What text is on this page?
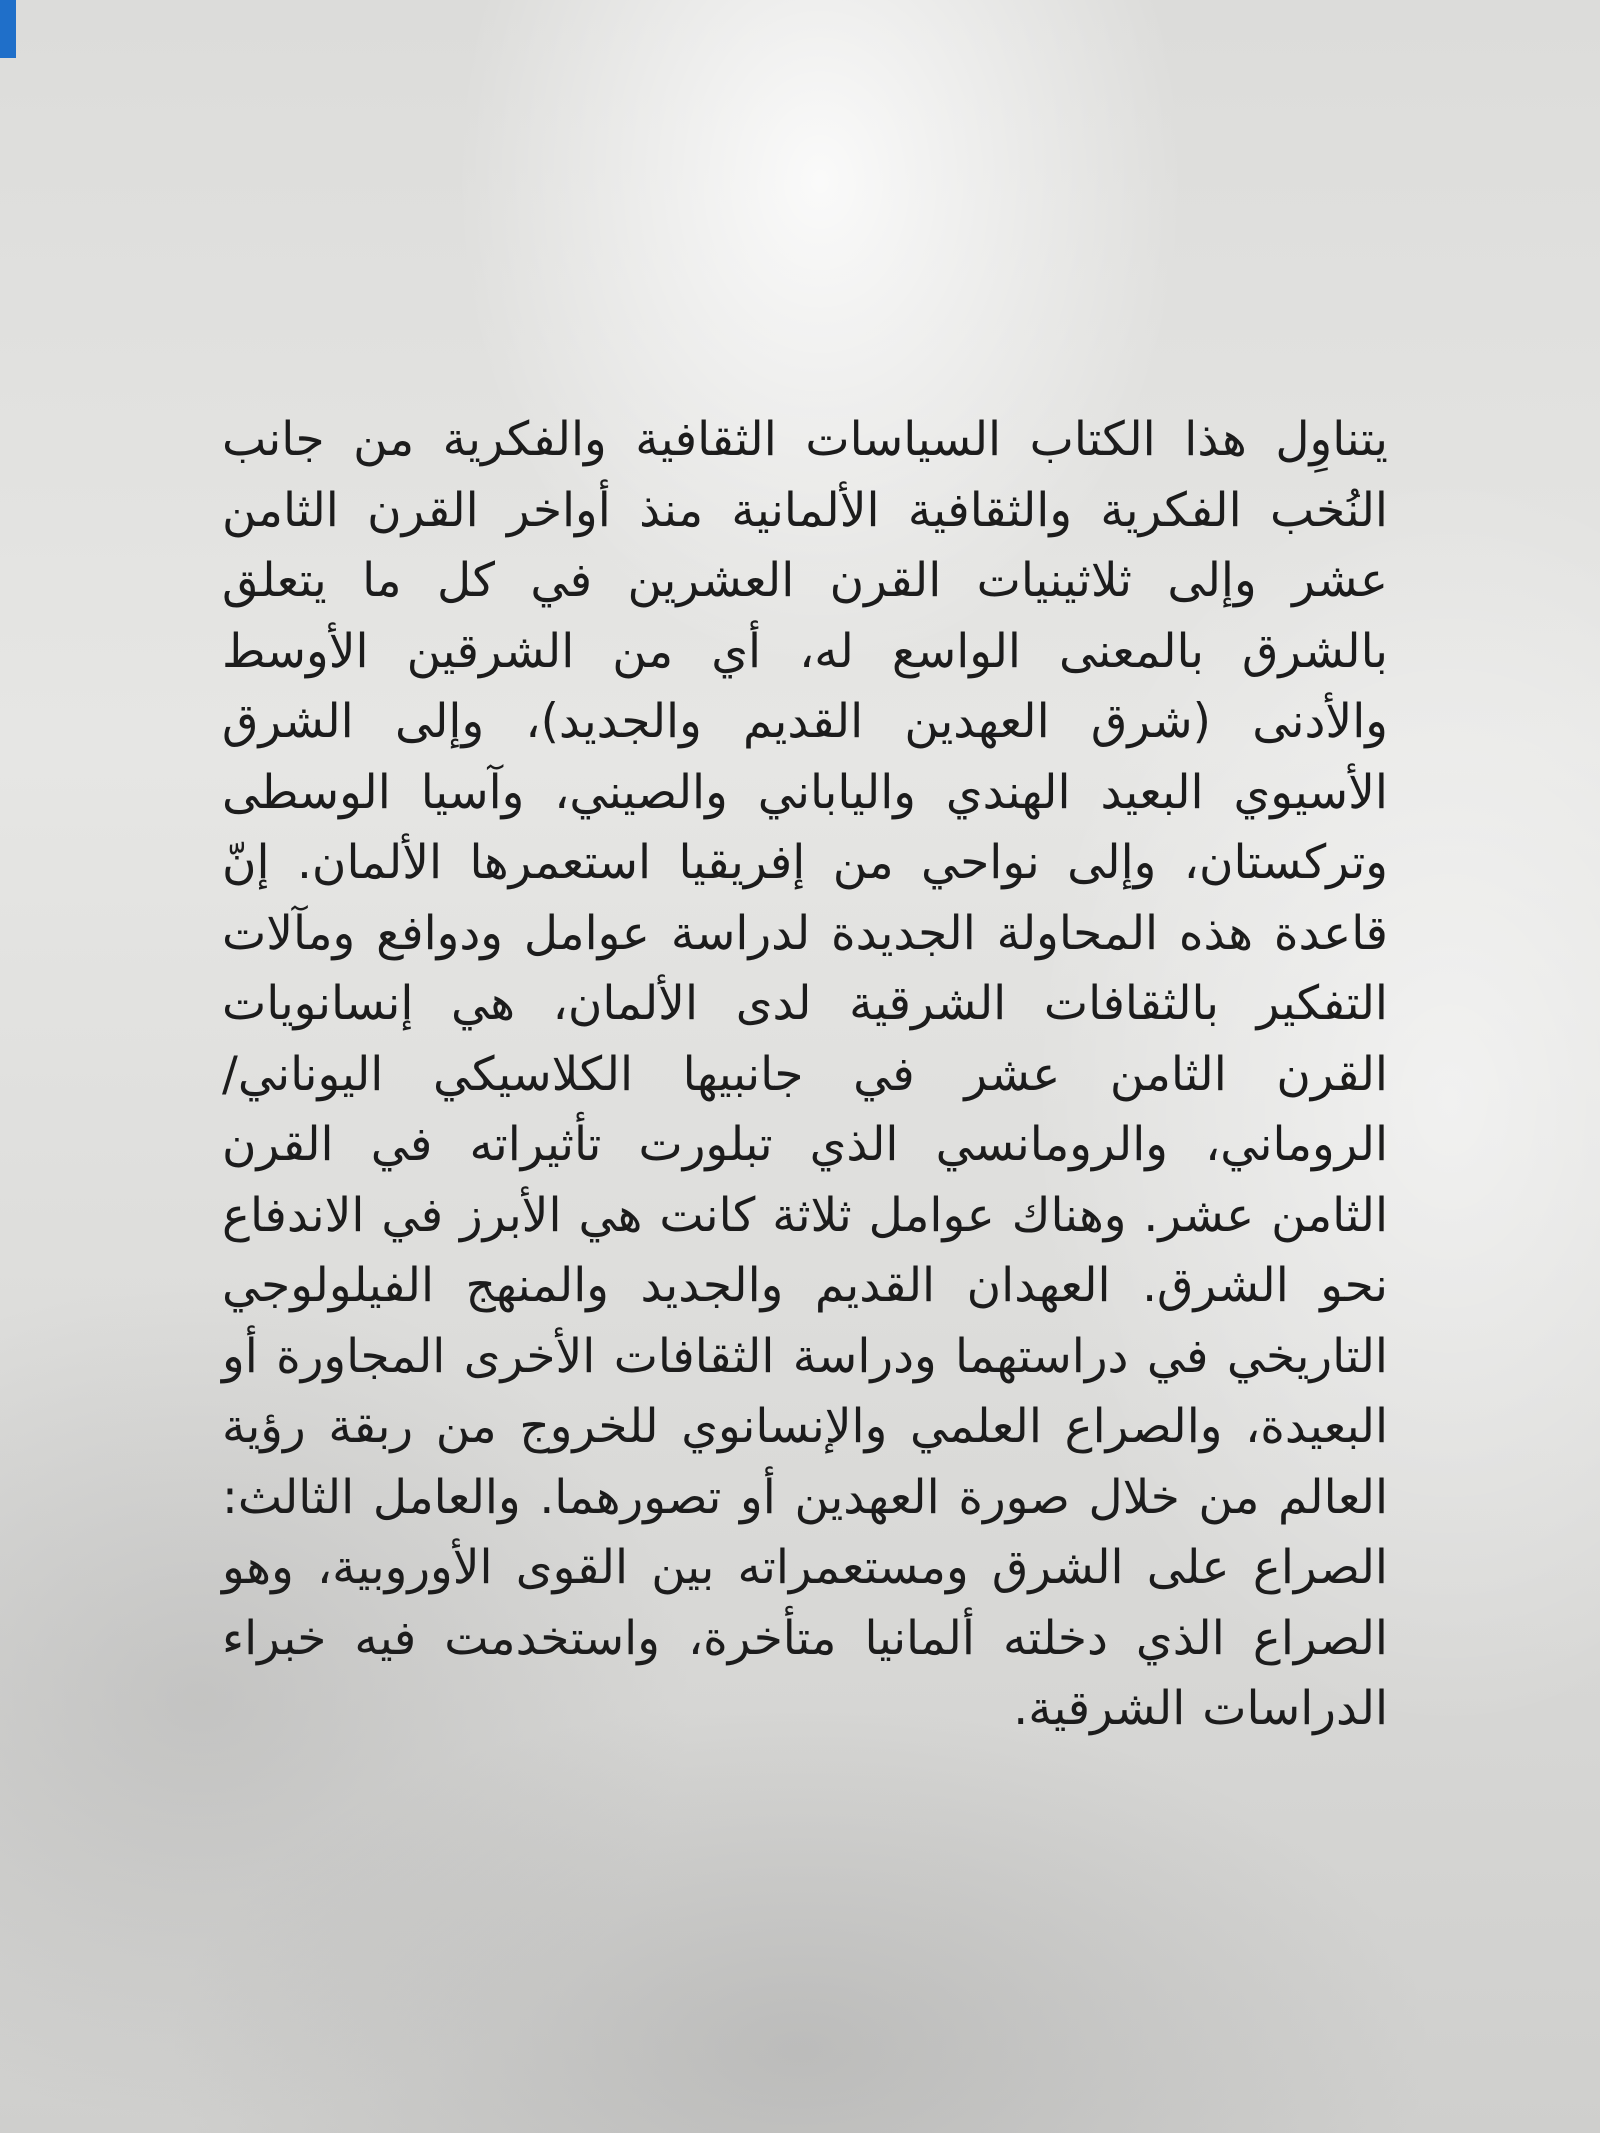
يتناوِل هذا الكتاب السياسات الثقافية والفكرية من جانب النُخب الفكرية والثقافية الألمانية منذ أواخر القرن الثامن عشر وإلى ثلاثينيات القرن العشرين في كل ما يتعلق بالشرق بالمعنى الواسع له، أي من الشرقين الأوسط والأدنى (شرق العهدين القديم والجديد)، وإلى الشرق الأسيوي البعيد الهندي والياباني والصيني، وآسيا الوسطى وتركستان، وإلى نواحي من إفريقيا استعمرها الألمان. إنّ قاعدة هذه المحاولة الجديدة لدراسة عوامل ودوافع ومآلات التفكير بالثقافات الشرقية لدى الألمان، هي إنسانويات القرن الثامن عشر في جانبيها الكلاسيكي اليوناني/ الروماني، والرومانسي الذي تبلورت تأثيراته في القرن الثامن عشر. وهناك عوامل ثلاثة كانت هي الأبرز في الاندفاع نحو الشرق. العهدان القديم والجديد والمنهج الفيلولوجي التاريخي في دراستهما ودراسة الثقافات الأخرى المجاورة أو البعيدة، والصراع العلمي والإنسانوي للخروج من ربقة رؤية العالم من خلال صورة العهدين أو تصورهما. والعامل الثالث: الصراع على الشرق ومستعمراته بين القوى الأوروبية، وهو الصراع الذي دخلته ألمانيا متأخرة، واستخدمت فيه خبراء الدراسات الشرقية.
